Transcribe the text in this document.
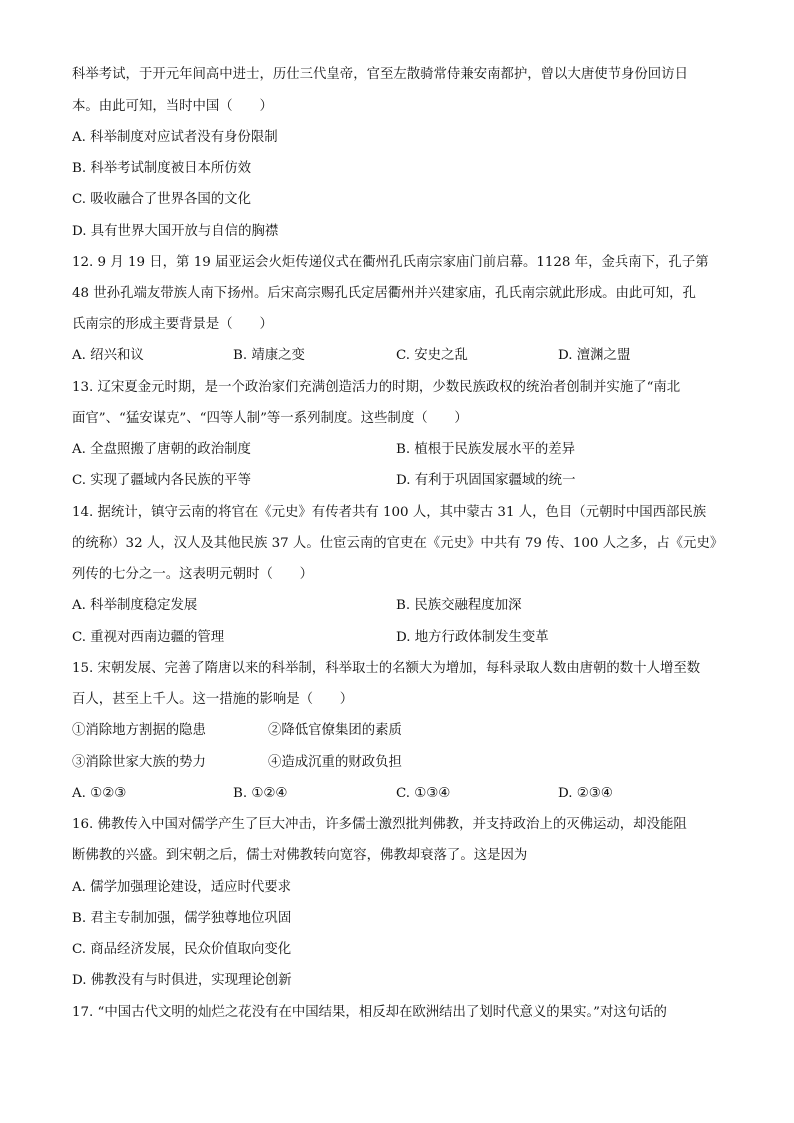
科举考试，于开元年间高中进士，历仕三代皇帝，官至左散骑常侍兼安南都护，曾以大唐使节身份回访日
本。由此可知，当时中国（　　）
A. 科举制度对应试者没有身份限制
B. 科举考试制度被日本所仿效
C. 吸收融合了世界各国的文化
D. 具有世界大国开放与自信的胸襟
12. 9 月 19 日，第 19 届亚运会火炬传递仪式在衢州孔氏南宗家庙门前启幕。1128 年，金兵南下，孔子第
48 世孙孔端友带族人南下扬州。后宋高宗赐孔氏定居衢州并兴建家庙，孔氏南宗就此形成。由此可知，孔
氏南宗的形成主要背景是（　　）
A. 绍兴和议	B. 靖康之变	C. 安史之乱	D. 澶渊之盟
13. 辽宋夏金元时期，是一个政治家们充满创造活力的时期，少数民族政权的统治者创制并实施了“南北
面官”、“猛安谋克”、“四等人制”等一系列制度。这些制度（　　）
A. 全盘照搬了唐朝的政治制度	B. 植根于民族发展水平的差异
C. 实现了疆域内各民族的平等	D. 有利于巩固国家疆域的统一
14. 据统计，镇守云南的将官在《元史》有传者共有 100 人，其中蒙古 31 人，色目（元朝时中国西部民族
的统称）32 人，汉人及其他民族 37 人。仕宦云南的官吏在《元史》中共有 79 传、100 人之多，占《元史》
列传的七分之一。这表明元朝时（　　）
A. 科举制度稳定发展	B. 民族交融程度加深
C. 重视对西南边疆的管理	D. 地方行政体制发生变革
15. 宋朝发展、完善了隋唐以来的科举制，科举取士的名额大为增加，每科录取人数由唐朝的数十人增至数
百人，甚至上千人。这一措施的影响是（　　）
①消除地方割据的隐患	②降低官僚集团的素质
③消除世家大族的势力	④造成沉重的财政负担
A. ①②③	B. ①②④	C. ①③④	D. ②③④
16. 佛教传入中国对儒学产生了巨大冲击，许多儒士激烈批判佛教，并支持政治上的灭佛运动，却没能阻
断佛教的兴盛。到宋朝之后，儒士对佛教转向宽容，佛教却衰落了。这是因为
A. 儒学加强理论建设，适应时代要求
B. 君主专制加强，儒学独尊地位巩固
C. 商品经济发展，民众价值取向变化
D. 佛教没有与时俱进，实现理论创新
17. “中国古代文明的灿烂之花没有在中国结果，相反却在欧洲结出了划时代意义的果实。”对这句话的
